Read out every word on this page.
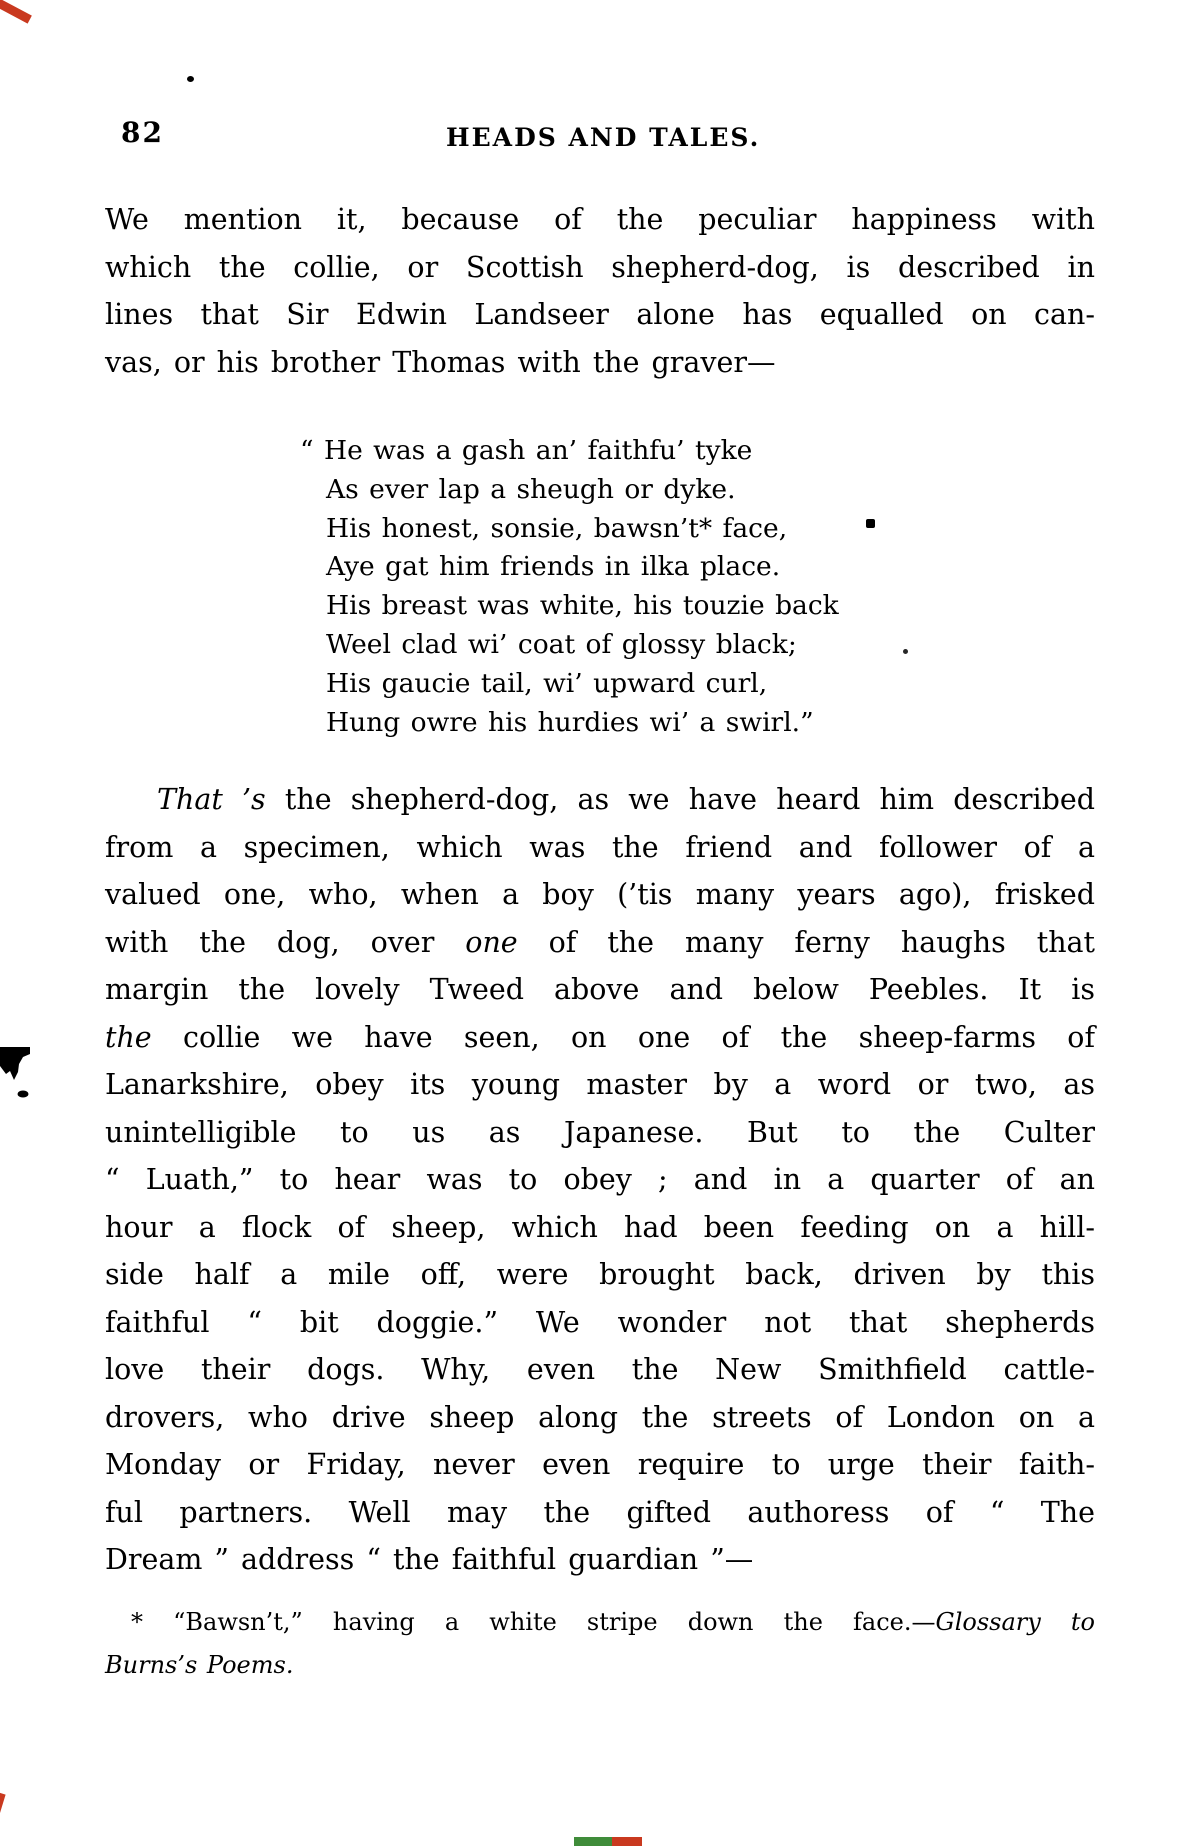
82	HEADS AND TALES.
We mention it, because of the peculiar happiness with
which the collie, or Scottish shepherd-dog, is described in
lines that Sir Edwin Landseer alone has equalled on can-
vas, or his brother Thomas with the graver—
“ He was a gash an’ faithfu’ tyke
As ever lap a sheugh or dyke.
His honest, sonsie, bawsn’t* face,
Aye gat him friends in ilka place.
His breast was white, his touzie back
Weel clad wi’ coat of glossy black;
His gaucie tail, wi’ upward curl,
Hung owre his hurdies wi’ a swirl.”
That ’s the shepherd-dog, as we have heard him described
from a specimen, which was the friend and follower of a
valued one, who, when a boy (’tis many years ago), frisked
with the dog, over one of the many ferny haughs that
margin the lovely Tweed above and below Peebles. It is
the collie we have seen, on one of the sheep-farms of
Lanarkshire, obey its young master by a word or two, as
unintelligible to us as Japanese. But to the Culter
“ Luath,” to hear was to obey ; and in a quarter of an
hour a flock of sheep, which had been feeding on a hill-
side half a mile off, were brought back, driven by this
faithful “ bit doggie.” We wonder not that shepherds
love their dogs. Why, even the New Smithfield cattle-
drovers, who drive sheep along the streets of London on a
Monday or Friday, never even require to urge their faith-
ful partners. Well may the gifted authoress of “ The
Dream ” address “ the faithful guardian ”—
* “Bawsn’t,” having a white stripe down the face.—Glossary to
Burns’s Poems.
